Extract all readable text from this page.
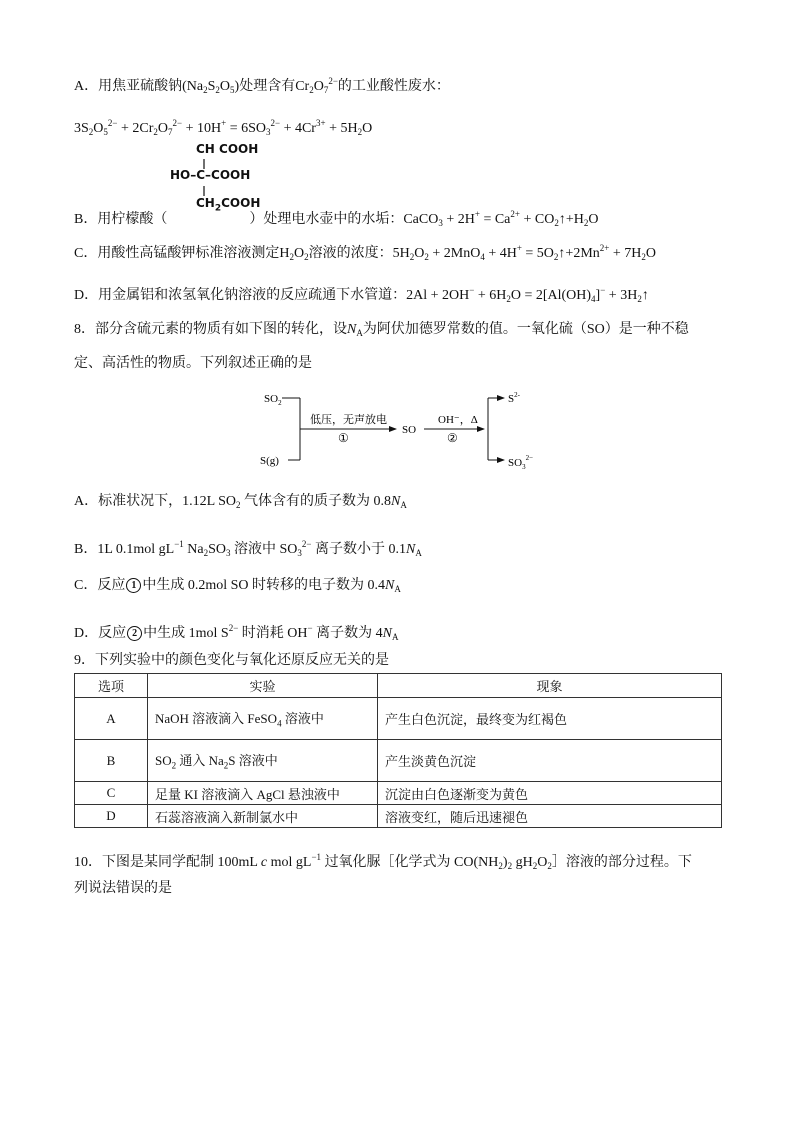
A．用焦亚硫酸钠$(Na_2S_2O_5)$处理含有$Cr_2O_7^{2-}$的工业酸性废水：
$3S_2O_5^{2-} + 2Cr_2O_7^{2-} + 10H^+ = 6SO_3^{2-} + 4Cr^{3+} + 5H_2O$
CH COOH
HO–C–COOH
$CH_2COOH$
B．用柠檬酸（	）处理电水壶中的水垢：CaCO$_3$ + $2H^+ = Ca^{2+}$ + $CO_2↑+H_2O$
C．用酸性高锰酸钾标准溶液测定$H_2O_2$溶液的浓度：$5H_2O_2 + 2MnO_4 + 4H^+$ = $5O_2↑+2Mn^{2+} + 7H_2O$
D．用金属铝和浓氢氧化钠溶液的反应疏通下水管道：$2Al + 2OH^- + 6H_2O = 2[Al(OH)_4]^-$ + $3H_2↑$
8．部分含硫元素的物质有如下图的转化，设$N_A$为阿伏加德罗常数的值。一氧化硫（SO）是一种不稳
定、高活性的物质。下列叙述正确的是
$SO_2$
S(g)
低压，无声放电
①
SO
OH⁻，Δ
②
$S^{2-}$
$SO_3^{2-}$
A．标准状况下，1.12L $SO_2$ 气体含有的质子数为 $0.8N_A$
B．1L 0.1mol $gL^{-1}$ $Na_2SO_3$ 溶液中 $SO_3^{2-}$ 离子数小于 $0.1N_A$
C．反应 1 中生成 0.2mol SO 时转移的电子数为 $0.4N_A$
D．反应 2 中生成 1mol $S^{2-}$ 时消耗 OH− 离子数为 $4N_A$
9．下列实验中的颜色变化与氧化还原反应无关的是
选项	实验	现象
A	NaOH 溶液滴入 FeSO$_4$ 溶液中	产生白色沉淀，最终变为红褐色
B	$SO_2$ 通入 $Na_2S$ 溶液中	产生淡黄色沉淀
C	足量 KI 溶液滴入 AgCl 悬浊液中	沉淀由白色逐渐变为黄色
D	石蕊溶液滴入新制氯水中	溶液变红，随后迅速褪色
10．下图是某同学配制 100mL c mol $gL^{-1}$ 过氧化脲［化学式为 $CO(NH_2)_2$ $gH_2O_2]$溶液的部分过程。下
列说法错误的是
